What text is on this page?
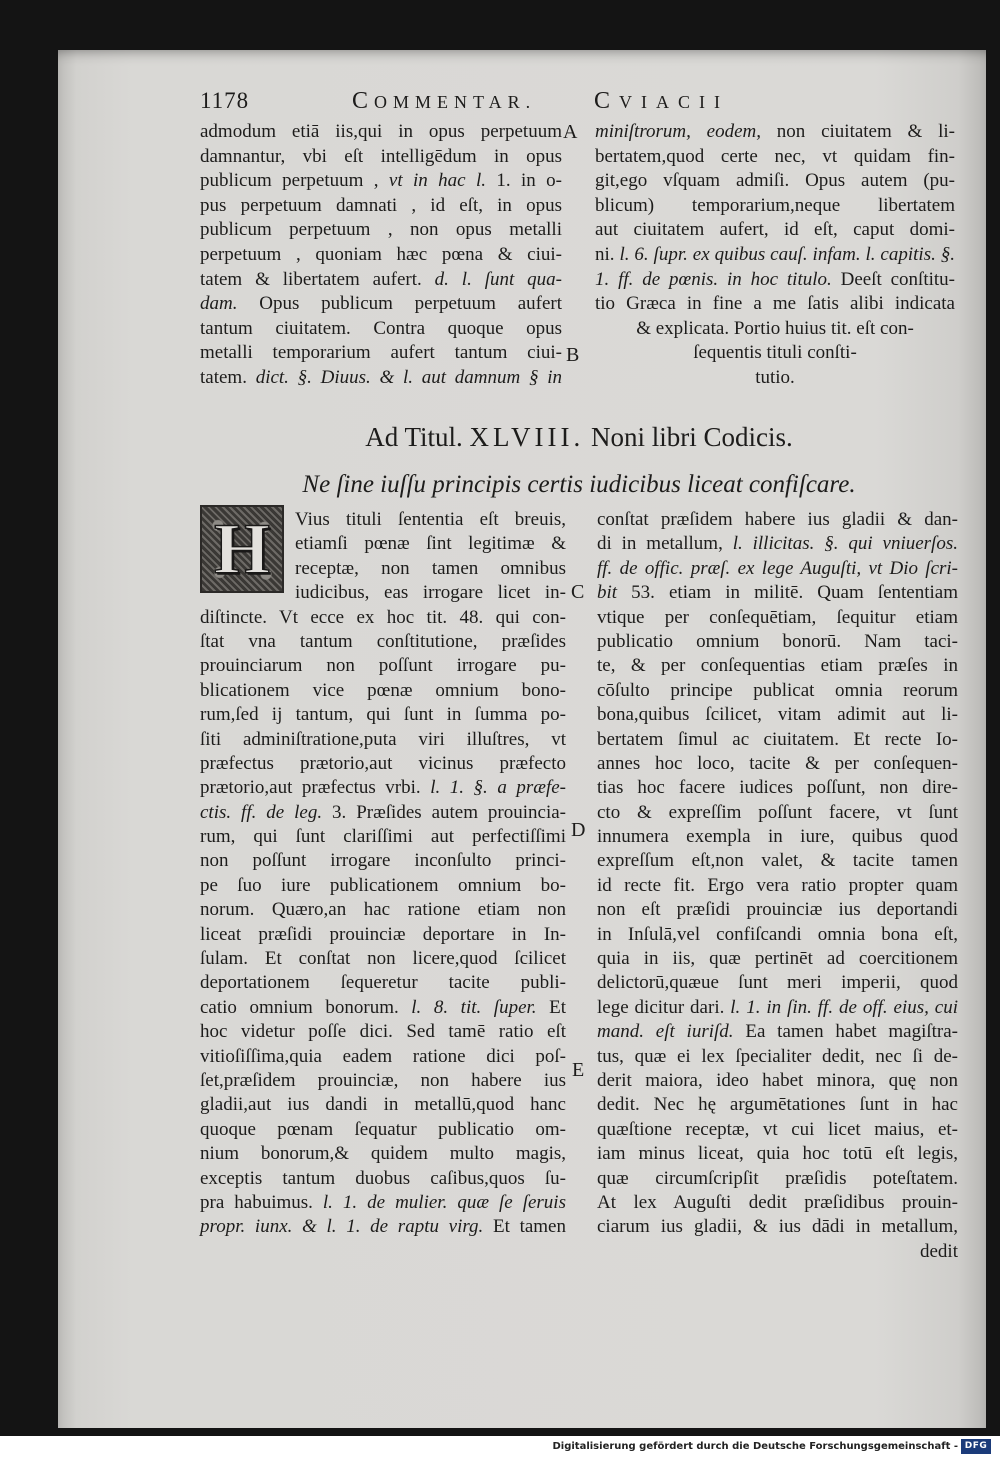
1178	COMMENTAR.	CVIACII
admodum etiā iis,qui in opus perpetuum
damnantur, vbi eſt intelligēdum in opus
publicum perpetuum , vt in hac l. 1. in o-
pus perpetuum damnati , id eſt, in opus
publicum perpetuum , non opus metalli
perpetuum , quoniam hæc pœna & ciui-
tatem & libertatem aufert. d. l. ſunt qua-
dam. Opus publicum perpetuum aufert
tantum ciuitatem. Contra quoque opus
metalli temporarium aufert tantum ciui-
tatem. dict. §. Diuus. & l. aut damnum § in
miniſtrorum, eodem, non ciuitatem & li-
bertatem,quod certe nec, vt quidam fin-
git,ego vſquam admiſi. Opus autem (pu-
blicum) temporarium,neque libertatem
aut ciuitatem aufert, id eſt, caput domi-
ni. l. 6. ſupr. ex quibus cauſ. infam. l. capitis. §.
1. ff. de pœnis. in hoc titulo. Deeſt conſtitu-
tio Græca in fine a me ſatis alibi indicata
& explicata. Portio huius tit. eſt con-
ſequentis tituli conſti-
tutio.
A
B
C
D
E
Ad Titul. XLVIII. Noni libri Codicis.
Ne ſine iuſſu principis certis iudicibus liceat confiſcare.
H Vius tituli ſententia eſt breuis,
etiamſi pœnæ ſint legitimæ &
receptæ, non tamen omnibus
iudicibus, eas irrogare licet in-
diſtincte. Vt ecce ex hoc tit. 48. qui con-
ſtat vna tantum conſtitutione, præſides
prouinciarum non poſſunt irrogare pu-
blicationem vice pœnæ omnium bono-
rum,ſed ij tantum, qui ſunt in ſumma po-
ſiti adminiſtratione,puta viri illuſtres, vt
præfectus prætorio,aut vicinus præfecto
prætorio,aut præfectus vrbi. l. 1. §. a præfe-
ctis. ff. de leg. 3. Præſides autem prouincia-
rum, qui ſunt clariſſimi aut perfectiſſimi
non poſſunt irrogare inconſulto princi-
pe ſuo iure publicationem omnium bo-
norum. Quæro,an hac ratione etiam non
liceat præſidi prouinciæ deportare in In-
ſulam. Et conſtat non licere,quod ſcilicet
deportationem ſequeretur tacite publi-
catio omnium bonorum. l. 8. tit. ſuper. Et
hoc videtur poſſe dici. Sed tamē ratio eſt
vitioſiſſima,quia eadem ratione dici poſ-
ſet,præſidem prouinciæ, non habere ius
gladii,aut ius dandi in metallū,quod hanc
quoque pœnam ſequatur publicatio om-
nium bonorum,& quidem multo magis,
exceptis tantum duobus caſibus,quos ſu-
pra habuimus. l. 1. de mulier. quæ ſe ſeruis
propr. iunx. & l. 1. de raptu virg. Et tamen
conſtat præſidem habere ius gladii & dan-
di in metallum, l. illicitas. §. qui vniuerſos.
ff. de offic. præſ. ex lege Auguſti, vt Dio ſcri-
bit 53. etiam in militē. Quam ſententiam
vtique per conſequētiam, ſequitur etiam
publicatio omnium bonorū. Nam taci-
te, & per conſequentias etiam præſes in
cōſulto principe publicat omnia reorum
bona,quibus ſcilicet, vitam adimit aut li-
bertatem ſimul ac ciuitatem. Et recte Io-
annes hoc loco, tacite & per conſequen-
tias hoc facere iudices poſſunt, non dire-
cto & expreſſim poſſunt facere, vt ſunt
innumera exempla in iure, quibus quod
expreſſum eſt,non valet, & tacite tamen
id recte fit. Ergo vera ratio propter quam
non eſt præſidi prouinciæ ius deportandi
in Inſulā,vel confiſcandi omnia bona eſt,
quia in iis, quæ pertinēt ad coercitionem
delictorū,quæue ſunt meri imperii, quod
lege dicitur dari. l. 1. in ſin. ff. de off. eius, cui
mand. eſt iuriſd. Ea tamen habet magiſtra-
tus, quæ ei lex ſpecialiter dedit, nec ſi de-
derit maiora, ideo habet minora, quę non
dedit. Nec hę argumētationes ſunt in hac
quæſtione receptæ, vt cui licet maius, et-
iam minus liceat, quia hoc totū eſt legis,
quæ circumſcripſit præſidis poteſtatem.
At lex Auguſti dedit præſidibus prouin-
ciarum ius gladii, & ius dādi in metallum,
dedit
Digitalisierung gefördert durch die Deutsche Forschungsgemeinschaft - DFG
